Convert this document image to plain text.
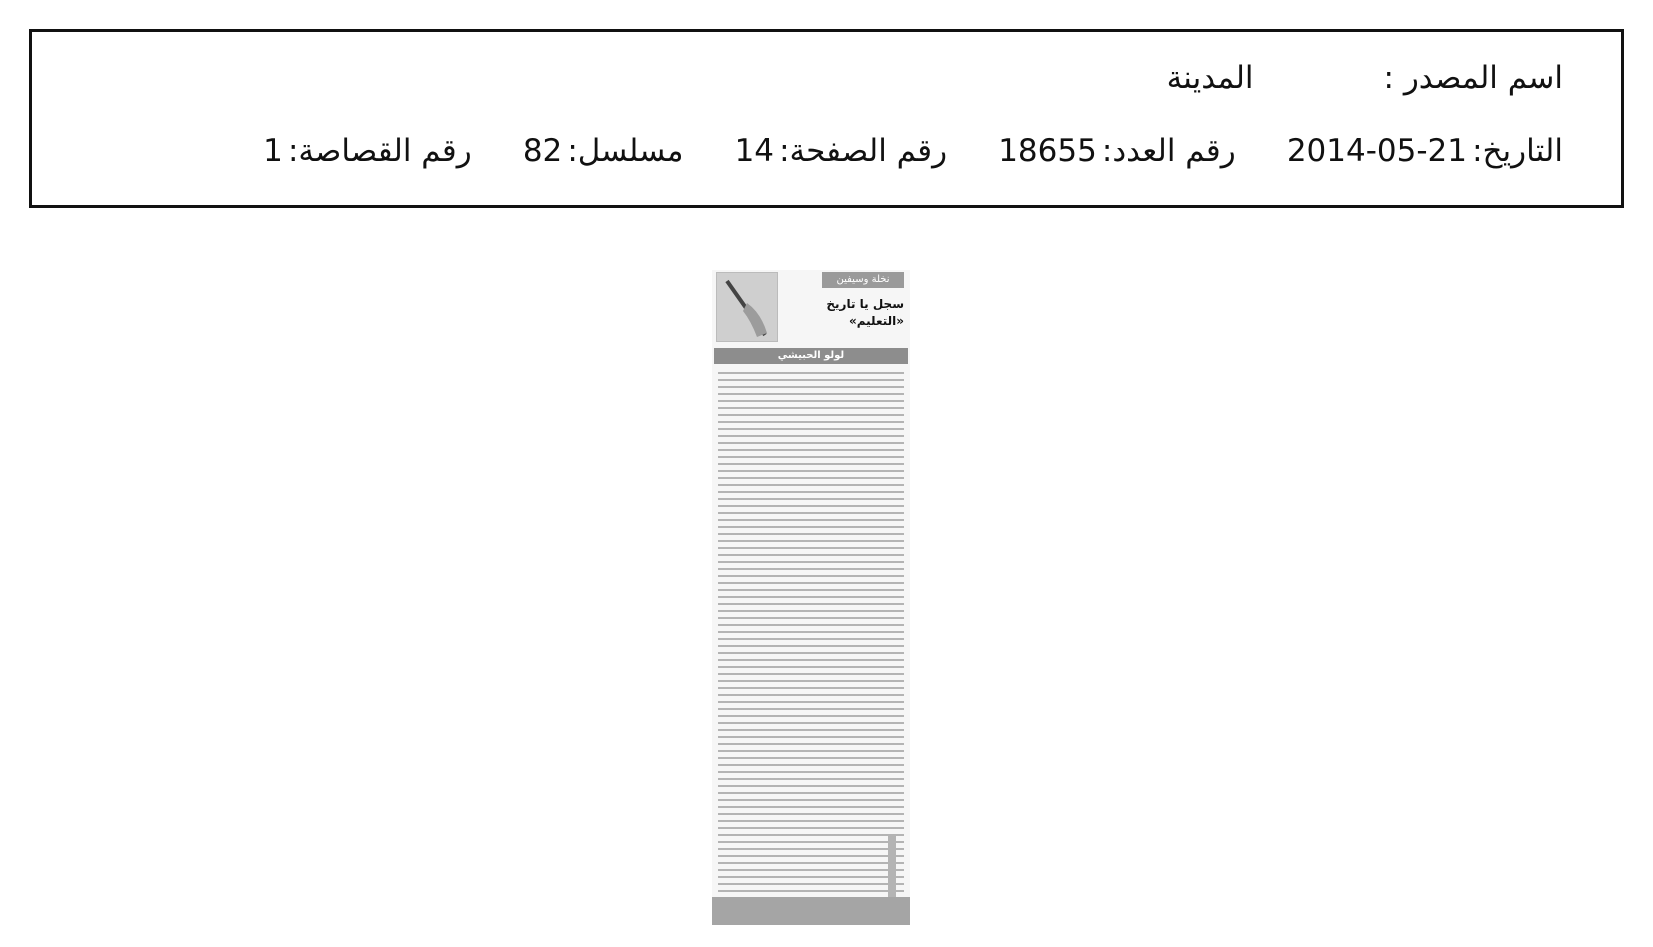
اسم المصدر :المدينة
التاريخ: 2014-05-21 رقم العدد: 18655 رقم الصفحة: 14 مسلسل: 82 رقم القصاصة: 1
نخلة وسيفين
سجل يا تاريخ
«التعليم»
لولو الحبيشي
